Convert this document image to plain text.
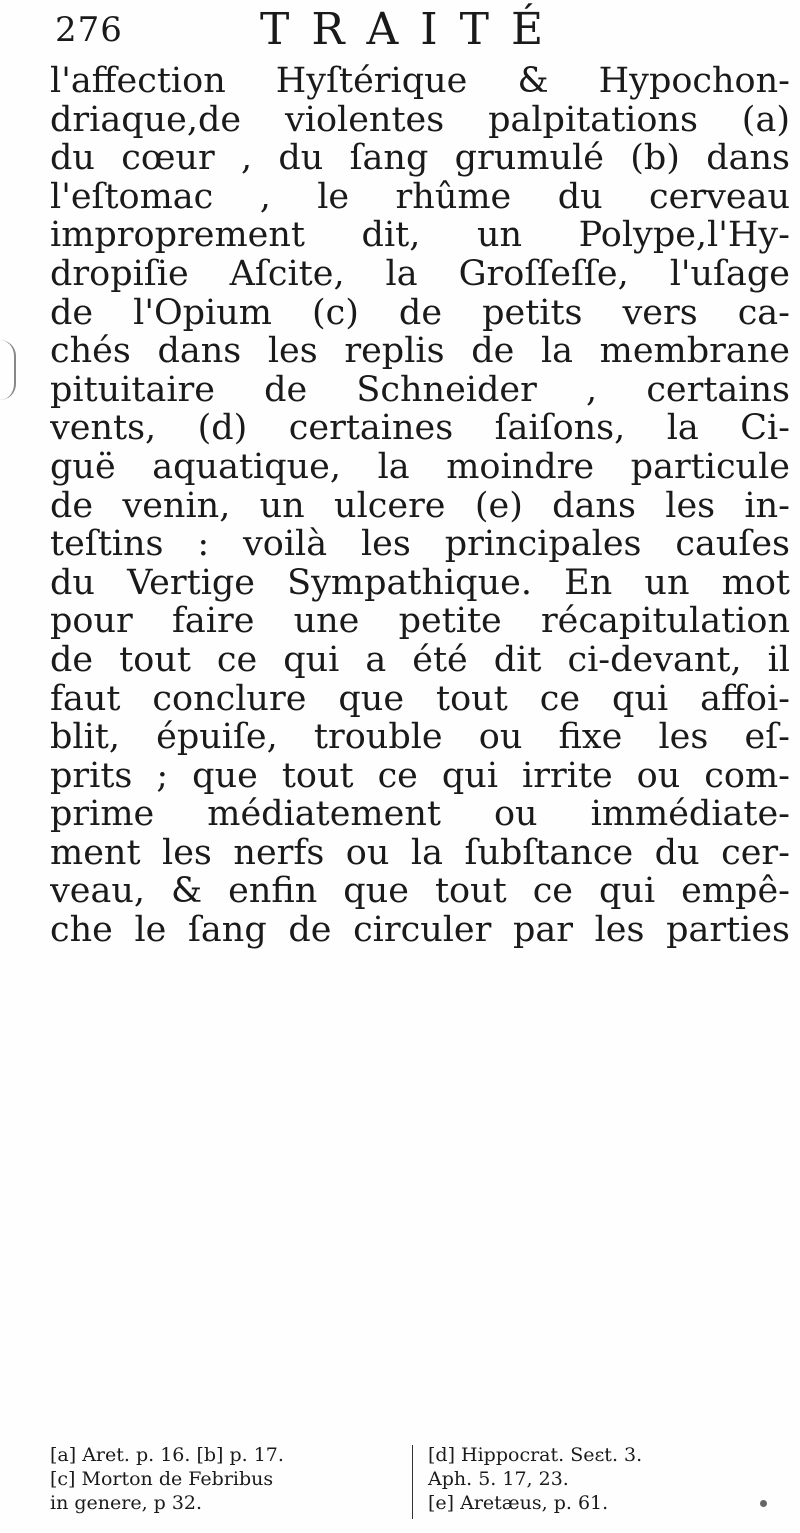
276	TRAITÉ
l'affection Hyſtérique & Hypochon-
driaque,de violentes palpitations (a)
du cœur , du ſang grumulé (b) dans
l'eſtomac , le rhûme du cerveau
improprement dit, un Polype,l'Hy-
dropiſie Aſcite, la Groſſeſſe, l'uſage
de l'Opium (c) de petits vers ca-
chés dans les replis de la membrane
pituitaire de Schneider , certains
vents, (d) certaines ſaiſons, la Ci-
guë aquatique, la moindre particule
de venin, un ulcere (e) dans les in-
teſtins : voilà les principales cauſes
du Vertige Sympathique. En un mot
pour faire une petite récapitulation
de tout ce qui a été dit ci-devant, il
faut conclure que tout ce qui affoi-
blit, épuiſe, trouble ou fixe les eſ-
prits ; que tout ce qui irrite ou com-
prime médiatement ou immédiate-
ment les nerfs ou la ſubſtance du cer-
veau, & enfin que tout ce qui empê-
che le ſang de circuler par les parties
[a] Aret. p. 16. [b] p. 17.
[c] Morton de Febribus
in genere, p 32.
[d] Hippocrat. Seɛt. 3.
Aph. 5. 17, 23.
[e] Aretæus, p. 61.
